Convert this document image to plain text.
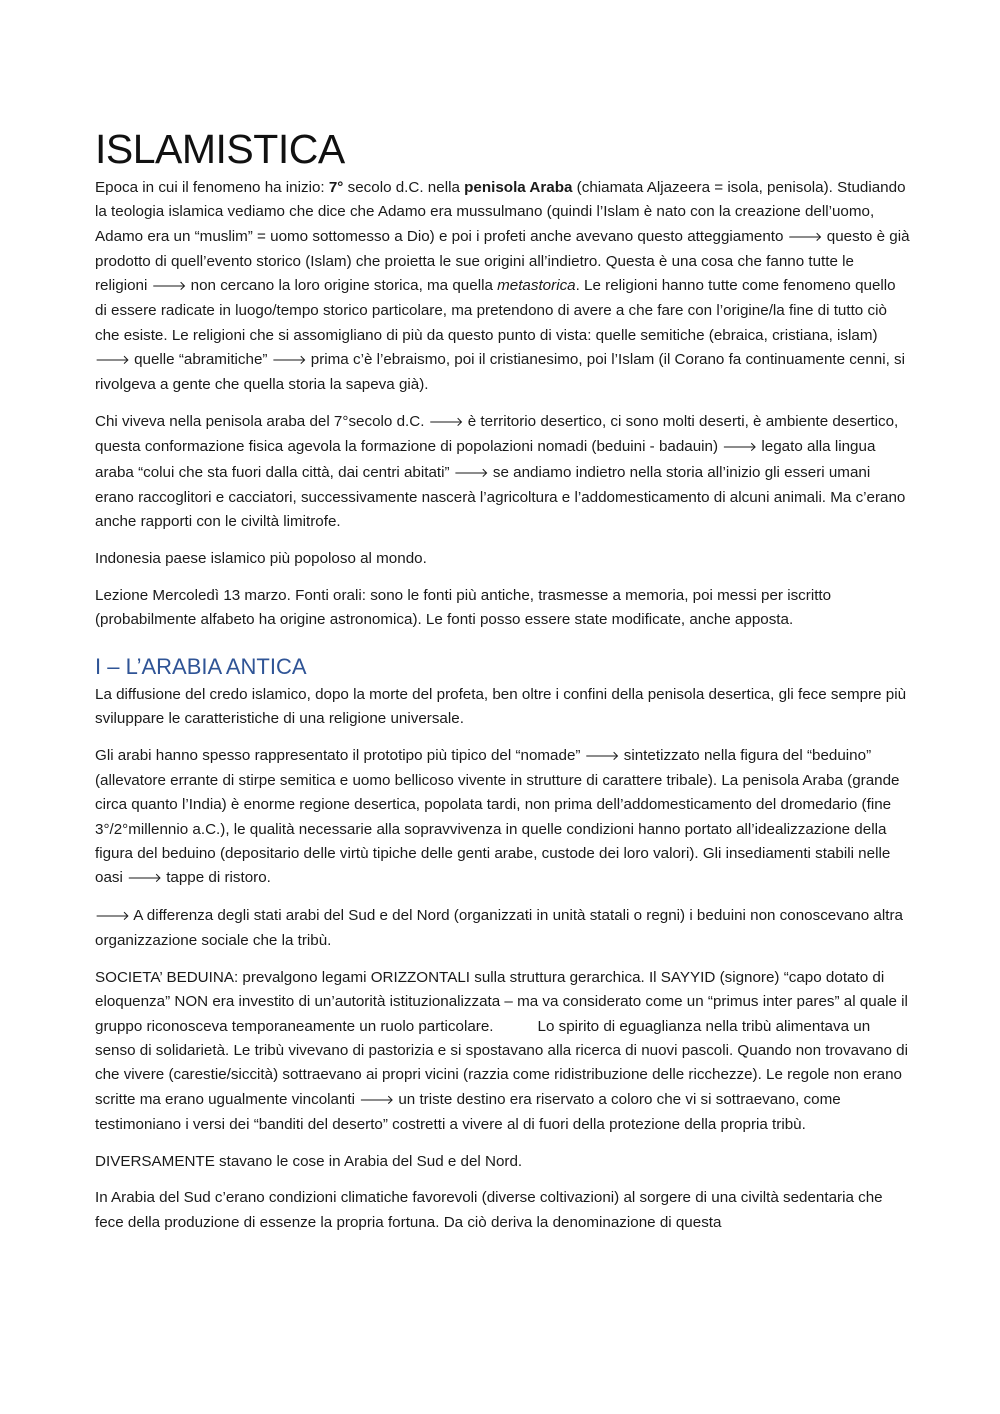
ISLAMISTICA

Epoca in cui il fenomeno ha inizio: 7° secolo d.C. nella penisola Araba (chiamata Aljazeera = isola, penisola). Studiando la teologia islamica vediamo che dice che Adamo era mussulmano (quindi l’Islam è nato con la creazione dell’uomo, Adamo era un “muslim” = uomo sottomesso a Dio) e poi i profeti anche avevano questo atteggiamento 🡒 questo è già prodotto di quell’evento storico (Islam) che proietta le sue origini all’indietro. Questa è una cosa che fanno tutte le religioni 🡒 non cercano la loro origine storica, ma quella metastorica. Le religioni hanno tutte come fenomeno quello di essere radicate in luogo/tempo storico particolare, ma pretendono di avere a che fare con l’origine/la fine di tutto ciò che esiste. Le religioni che si assomigliano di più da questo punto di vista: quelle semitiche (ebraica, cristiana, islam) 🡒 quelle “abramitiche” 🡒 prima c’è l’ebraismo, poi il cristianesimo, poi l’Islam (il Corano fa continuamente cenni, si rivolgeva a gente che quella storia la sapeva già).

Chi viveva nella penisola araba del 7°secolo d.C. 🡒 è territorio desertico, ci sono molti deserti, è ambiente desertico, questa conformazione fisica agevola la formazione di popolazioni nomadi (beduini - badauin) 🡒 legato alla lingua araba “colui che sta fuori dalla città, dai centri abitati” 🡒 se andiamo indietro nella storia all’inizio gli esseri umani erano raccoglitori e cacciatori, successivamente nascerà l’agricoltura e l’addomesticamento di alcuni animali. Ma c’erano anche rapporti con le civiltà limitrofe.

Indonesia paese islamico più popoloso al mondo.

Lezione Mercoledì 13 marzo. Fonti orali: sono le fonti più antiche, trasmesse a memoria, poi messi per iscritto (probabilmente alfabeto ha origine astronomica). Le fonti posso essere state modificate, anche apposta.

I – L’ARABIA ANTICA

La diffusione del credo islamico, dopo la morte del profeta, ben oltre i confini della penisola desertica, gli fece sempre più sviluppare le caratteristiche di una religione universale.

Gli arabi hanno spesso rappresentato il prototipo più tipico del “nomade” 🡒 sintetizzato nella figura del “beduino” (allevatore errante di stirpe semitica e uomo bellicoso vivente in strutture di carattere tribale). La penisola Araba (grande circa quanto l’India) è enorme regione desertica, popolata tardi, non prima dell’addomesticamento del dromedario (fine 3°/2°millennio a.C.), le qualità necessarie alla sopravvivenza in quelle condizioni hanno portato all’idealizzazione della figura del beduino (depositario delle virtù tipiche delle genti arabe, custode dei loro valori). Gli insediamenti stabili nelle oasi 🡒 tappe di ristoro.

🡒 A differenza degli stati arabi del Sud e del Nord (organizzati in unità statali o regni) i beduini non conoscevano altra organizzazione sociale che la tribù.

SOCIETA’ BEDUINA: prevalgono legami ORIZZONTALI sulla struttura gerarchica. Il SAYYID (signore) “capo dotato di eloquenza” NON era investito di un’autorità istituzionalizzata – ma va considerato come un “primus inter pares” al quale il gruppo riconosceva temporaneamente un ruolo particolare.	Lo spirito di eguaglianza nella tribù alimentava un senso di solidarietà. Le tribù vivevano di pastorizia e si spostavano alla ricerca di nuovi pascoli. Quando non trovavano di che vivere (carestie/siccità) sottraevano ai propri vicini (razzia come ridistribuzione delle ricchezze). Le regole non erano scritte ma erano ugualmente vincolanti 🡒 un triste destino era riservato a coloro che vi si sottraevano, come testimoniano i versi dei “banditi del deserto” costretti a vivere al di fuori della protezione della propria tribù.

DIVERSAMENTE stavano le cose in Arabia del Sud e del Nord.

In Arabia del Sud c’erano condizioni climatiche favorevoli (diverse coltivazioni) al sorgere di una civiltà sedentaria che fece della produzione di essenze la propria fortuna. Da ciò deriva la denominazione di questa
